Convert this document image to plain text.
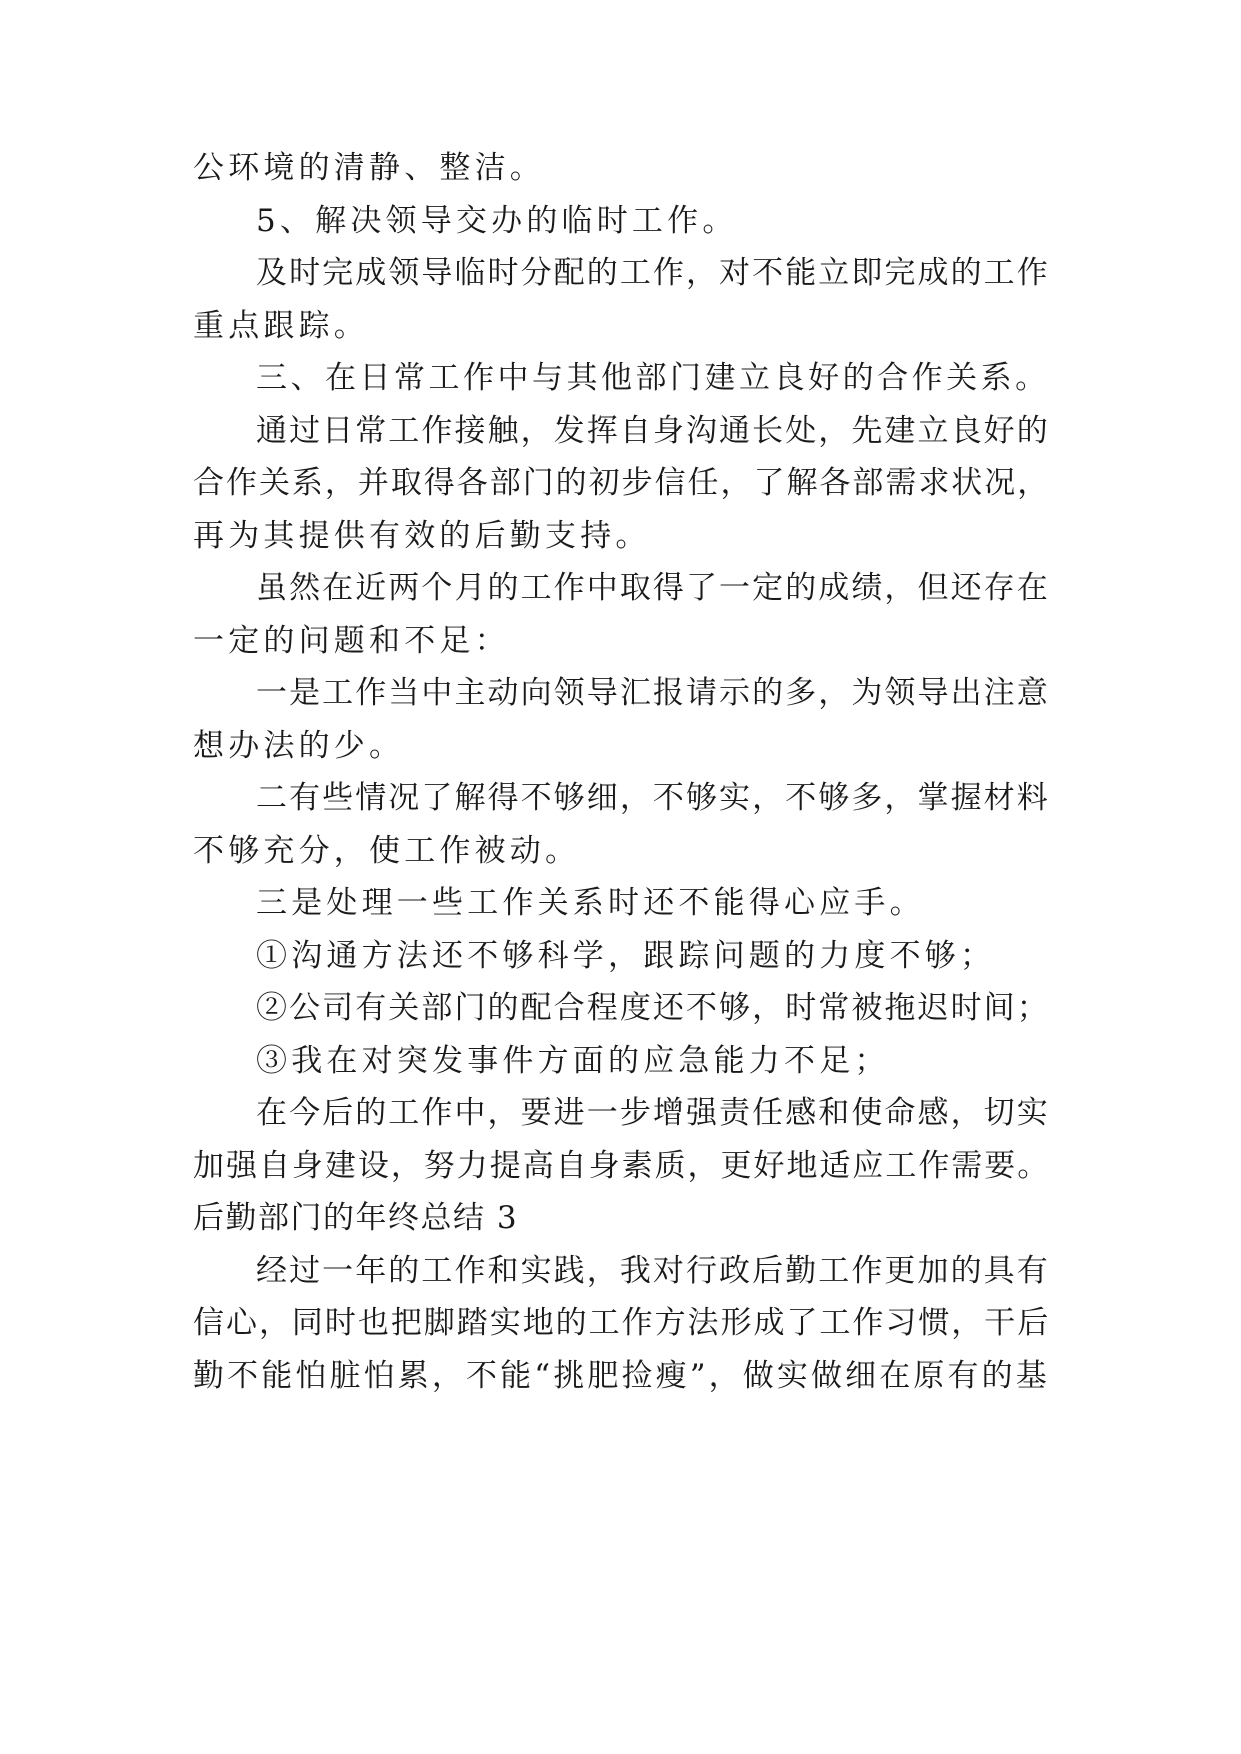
公环境的清静、整洁。
5、解决领导交办的临时工作。
及时完成领导临时分配的工作，对不能立即完成的工作
重点跟踪。
三、在日常工作中与其他部门建立良好的合作关系。
通过日常工作接触，发挥自身沟通长处，先建立良好的
合作关系，并取得各部门的初步信任，了解各部需求状况，
再为其提供有效的后勤支持。
虽然在近两个月的工作中取得了一定的成绩，但还存在
一定的问题和不足：
一是工作当中主动向领导汇报请示的多，为领导出注意
想办法的少。
二有些情况了解得不够细，不够实，不够多，掌握材料
不够充分，使工作被动。
三是处理一些工作关系时还不能得心应手。
①沟通方法还不够科学，跟踪问题的力度不够；
②公司有关部门的配合程度还不够，时常被拖迟时间；
③我在对突发事件方面的应急能力不足；
在今后的工作中，要进一步增强责任感和使命感，切实
加强自身建设，努力提高自身素质，更好地适应工作需要。
后勤部门的年终总结 3
经过一年的工作和实践，我对行政后勤工作更加的具有
信心，同时也把脚踏实地的工作方法形成了工作习惯，干后
勤不能怕脏怕累，不能“挑肥捡瘦”，做实做细在原有的基
